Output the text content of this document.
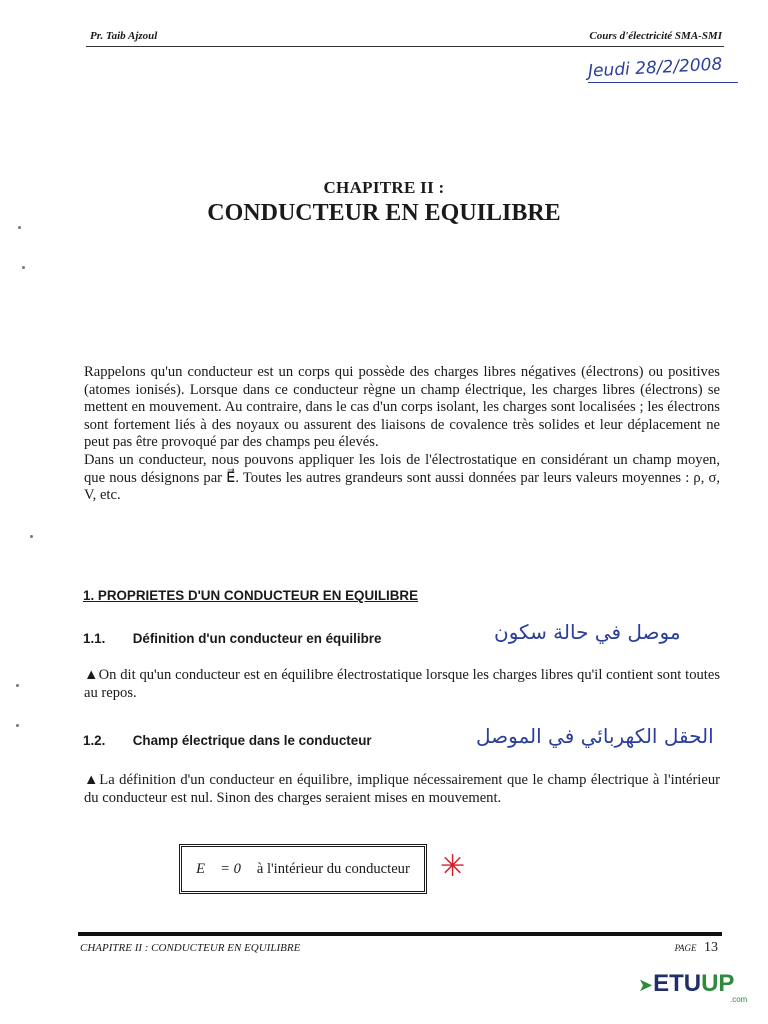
Pr. Taib Ajzoul	Cours d'électricité SMA-SMI
Jeudi 28/2/2008
CHAPITRE II :
CONDUCTEUR EN EQUILIBRE
Rappelons qu'un conducteur est un corps qui possède des charges libres négatives (électrons) ou positives (atomes ionisés). Lorsque dans ce conducteur règne un champ électrique, les charges libres (électrons) se mettent en mouvement. Au contraire, dans le cas d'un corps isolant, les charges sont localisées ; les électrons sont fortement liés à des noyaux ou assurent des liaisons de covalence très solides et leur déplacement ne peut pas être provoqué par des champs peu élevés.
Dans un conducteur, nous pouvons appliquer les lois de l'électrostatique en considérant un champ moyen, que nous désignons par E⃗. Toutes les autres grandeurs sont aussi données par leurs valeurs moyennes : ρ, σ, V, etc.
1. PROPRIETES D'UN CONDUCTEUR EN EQUILIBRE
1.1. Définition d'un conducteur en équilibre	موصل في حالة سكون
▲On dit qu'un conducteur est en équilibre électrostatique lorsque les charges libres qu'il contient sont toutes au repos.
1.2. Champ électrique dans le conducteur	الحقل الكهربائي في الموصل
▲La définition d'un conducteur en équilibre, implique nécessairement que le champ électrique à l'intérieur du conducteur est nul. Sinon des charges seraient mises en mouvement.
E⃗ = 0 à l'intérieur du conducteur ✳
CHAPITRE II : CONDUCTEUR EN EQUILIBRE	PAGE 13
➤ETUUP
.com
